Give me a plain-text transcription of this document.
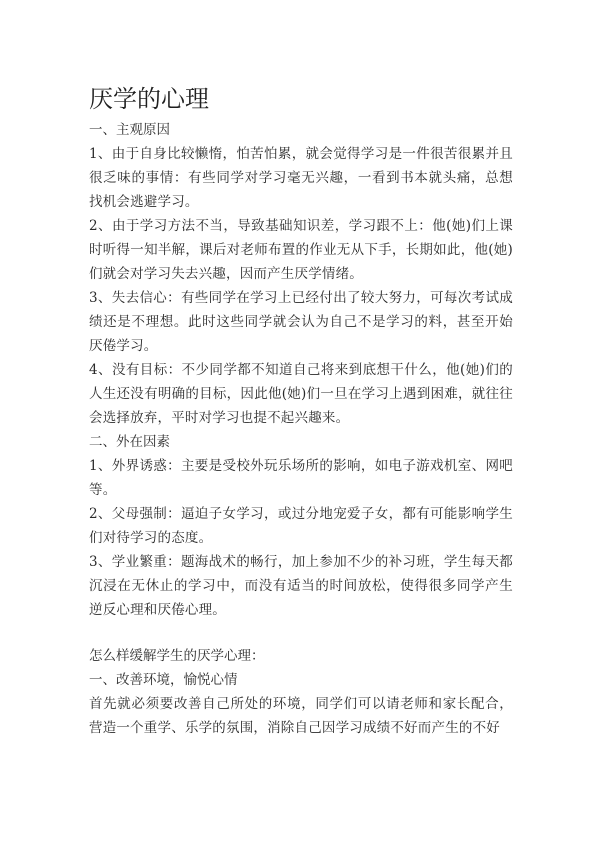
厌学的心理

一、主观原因

1、由于自身比较懒惰，怕苦怕累，就会觉得学习是一件很苦很累并且很乏味的事情：有些同学对学习毫无兴趣，一看到书本就头痛，总想找机会逃避学习。

2、由于学习方法不当，导致基础知识差，学习跟不上：他(她)们上课时听得一知半解，课后对老师布置的作业无从下手，长期如此，他(她)们就会对学习失去兴趣，因而产生厌学情绪。

3、失去信心：有些同学在学习上已经付出了较大努力，可每次考试成绩还是不理想。此时这些同学就会认为自己不是学习的料，甚至开始厌倦学习。

4、没有目标：不少同学都不知道自己将来到底想干什么，他(她)们的人生还没有明确的目标，因此他(她)们一旦在学习上遇到困难，就往往会选择放弃，平时对学习也提不起兴趣来。

二、外在因素

1、外界诱惑：主要是受校外玩乐场所的影响，如电子游戏机室、网吧等。

2、父母强制：逼迫子女学习，或过分地宠爱子女，都有可能影响学生们对待学习的态度。

3、学业繁重：题海战术的畅行，加上参加不少的补习班，学生每天都沉浸在无休止的学习中，而没有适当的时间放松，使得很多同学产生逆反心理和厌倦心理。

怎么样缓解学生的厌学心理：

一、改善环境，愉悦心情

首先就必须要改善自己所处的环境，同学们可以请老师和家长配合，营造一个重学、乐学的氛围，消除自己因学习成绩不好而产生的不好
